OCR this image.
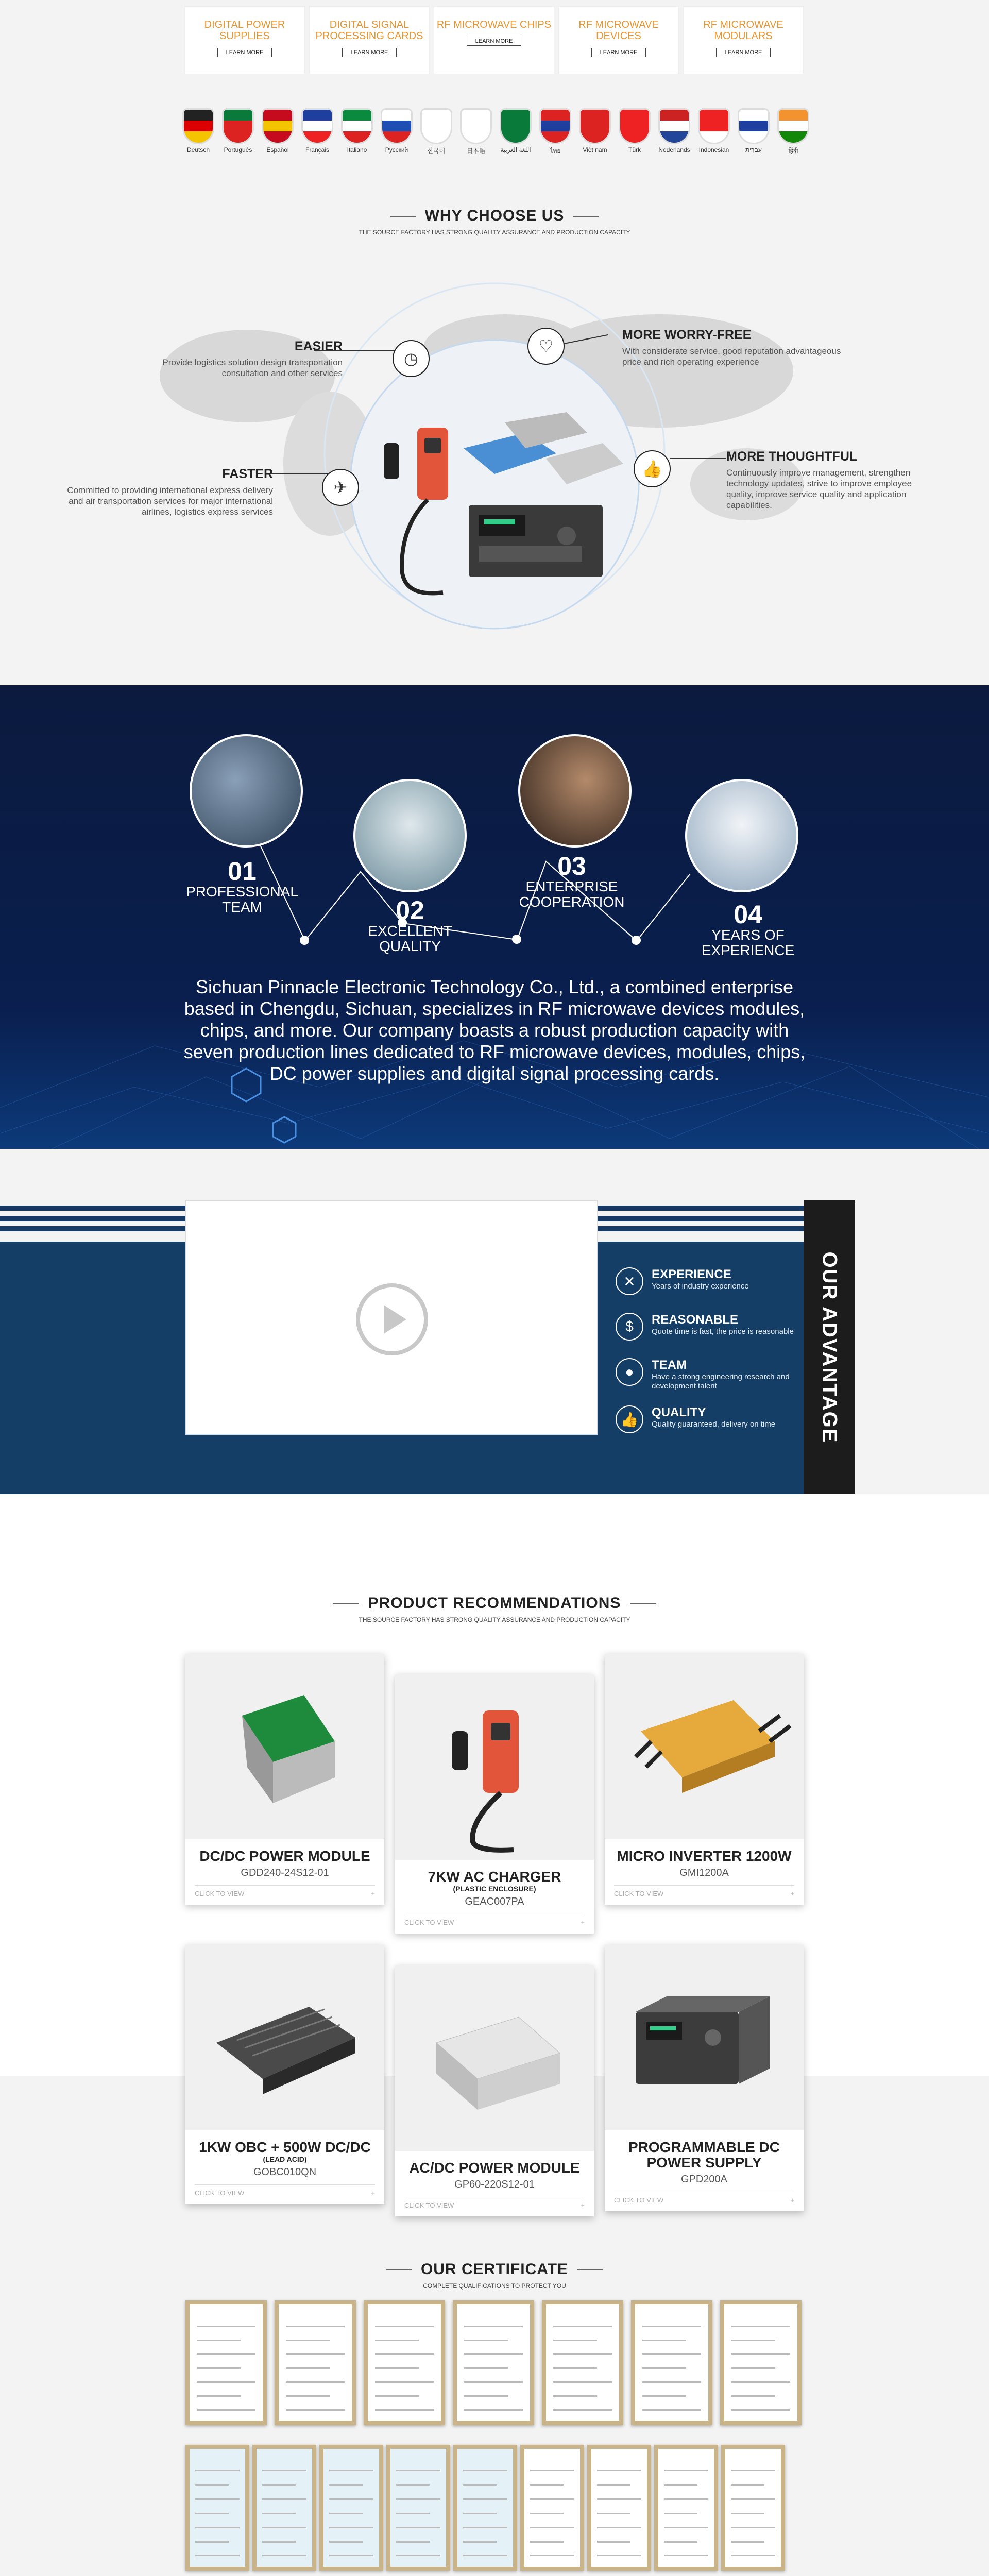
DIGITAL POWER SUPPLIES
LEARN MORE
DIGITAL SIGNAL PROCESSING CARDS
LEARN MORE
RF MICROWAVE CHIPS
LEARN MORE
RF MICROWAVE DEVICES
LEARN MORE
RF MICROWAVE MODULARS
LEARN MORE
Deutsch	Português	Español	Français	Italiano	Pусский	한국어	日本語	اللغة العربية	ไทย	Việt nam	Türk	Nederlands	Indonesian	עִברִית	हिंदी
WHY CHOOSE US

THE SOURCE FACTORY HAS STRONG QUALITY ASSURANCE AND PRODUCTION CAPACITY

◷
♡
✈
👍
EASIER

Provide logistics solution design transportation consultation and other services

FASTER

Committed to providing international express delivery and air transportation services for major international airlines, logistics express services

MORE WORRY-FREE

With considerate service, good reputation advantageous price and rich operating experience

MORE THOUGHTFUL

Continuously improve management, strengthen technology updates, strive to improve employee quality, improve service quality and application capabilities.

01
PROFESSIONAL
TEAM	02
EXCELLENT
QUALITY
03
ENTERPRISE
COOPERATION	04
YEARS OF
EXPERIENCE
Sichuan Pinnacle Electronic Technology Co., Ltd., a combined enterprise based in Chengdu, Sichuan, specializes in RF microwave devices modules, chips, and more. Our company boasts a robust production capacity with seven production lines dedicated to RF microwave devices, modules, chips, DC power supplies and digital signal processing cards.
OUR ADVANTAGE
✕	EXPERIENCE

Years of industry experience

$	REASONABLE

Quote time is fast, the price is reasonable

●	TEAM

Have a strong engineering research and development talent

👍	QUALITY

Quality guaranteed, delivery on time

PRODUCT RECOMMENDATIONS

THE SOURCE FACTORY HAS STRONG QUALITY ASSURANCE AND PRODUCTION CAPACITY

DC/DC POWER MODULE
GDD240-24S12-01
CLICK TO VIEW	+
7KW AC CHARGER
(PLASTIC ENCLOSURE)
GEAC007PA
CLICK TO VIEW	+
MICRO INVERTER 1200W
GMI1200A
CLICK TO VIEW	+
1KW OBC + 500W DC/DC
(LEAD ACID)
GOBC010QN
CLICK TO VIEW	+
AC/DC POWER MODULE
GP60-220S12-01
CLICK TO VIEW	+
PROGRAMMABLE DC POWER SUPPLY
GPD200A
CLICK TO VIEW	+
OUR CERTIFICATE

COMPLETE QUALIFICATIONS TO PROTECT YOU
